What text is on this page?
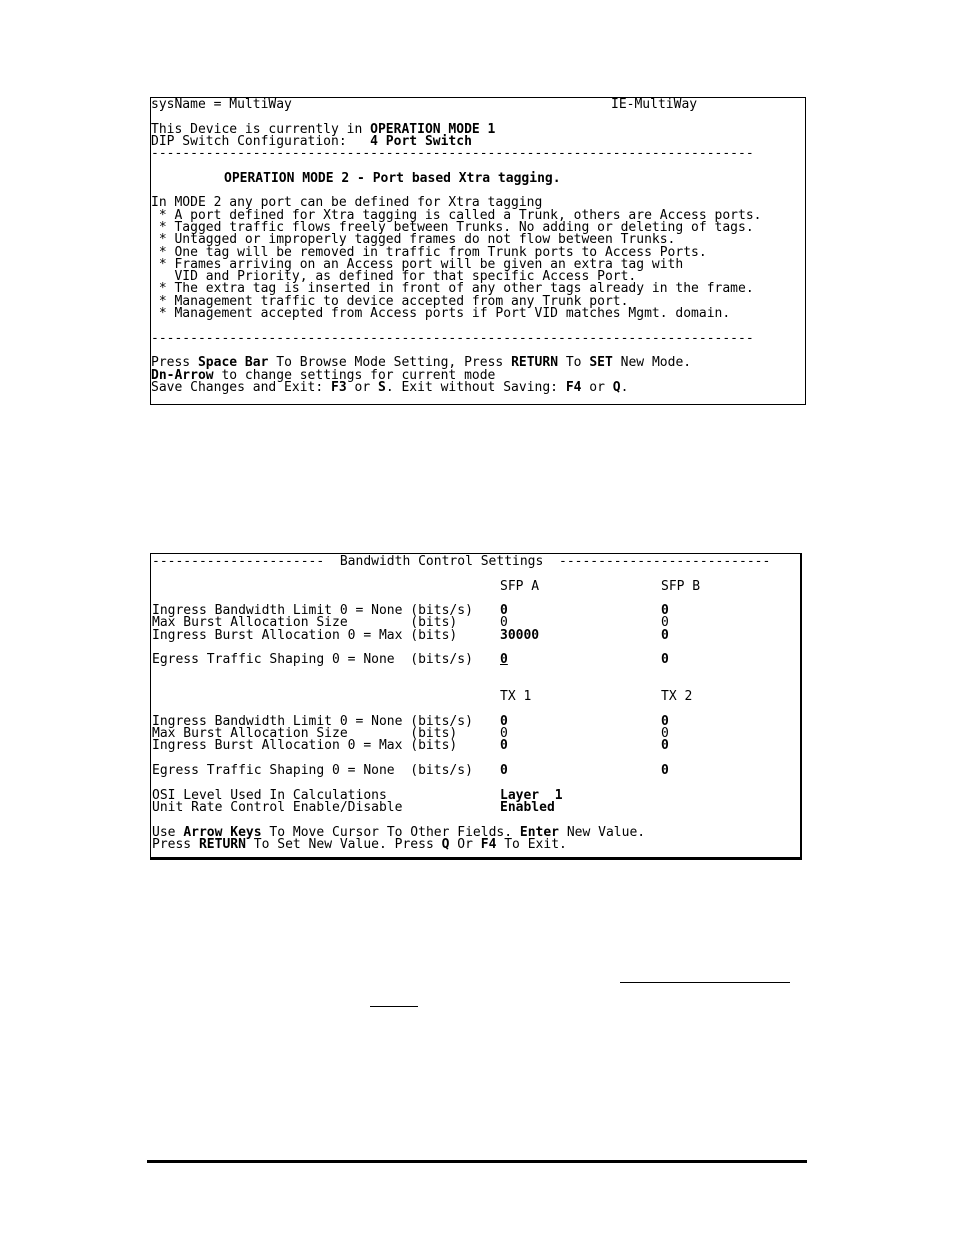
sysName = MultiWay	IE-MultiWay
This Device is currently in OPERATION MODE 1
DIP Switch Configuration:   4 Port Switch
-----------------------------------------------------------------------------
OPERATION MODE 2 - Port based Xtra tagging.
In MODE 2 any port can be defined for Xtra tagging
* A port defined for Xtra tagging is called a Trunk, others are Access ports.
* Tagged traffic flows freely between Trunks. No adding or deleting of tags.
* Untagged or improperly tagged frames do not flow between Trunks.
* One tag will be removed in traffic from Trunk ports to Access Ports.
* Frames arriving on an Access port will be given an extra tag with
VID and Priority, as defined for that specific Access Port.
* The extra tag is inserted in front of any other tags already in the frame.
* Management traffic to device accepted from any Trunk port.
* Management accepted from Access ports if Port VID matches Mgmt. domain.
-----------------------------------------------------------------------------
Press Space Bar To Browse Mode Setting, Press RETURN To SET New Mode.
Dn-Arrow to change settings for current mode
Save Changes and Exit: F3 or S. Exit without Saving: F4 or Q.
----------------------  Bandwidth Control Settings  ---------------------------
SFP A	SFP B
Ingress Bandwidth Limit 0 = None (bits/s) 0	0
Max Burst Allocation Size        (bits) 0	0
Ingress Burst Allocation 0 = Max (bits) 30000	0
Egress Traffic Shaping 0 = None  (bits/s) 0	0
TX 1	TX 2
Ingress Bandwidth Limit 0 = None (bits/s) 0	0
Max Burst Allocation Size        (bits) 0	0
Ingress Burst Allocation 0 = Max (bits) 0	0
Egress Traffic Shaping 0 = None  (bits/s) 0	0
OSI Level Used In Calculations Layer  1
Unit Rate Control Enable/Disable Enabled
Use Arrow Keys To Move Cursor To Other Fields. Enter New Value.
Press RETURN To Set New Value. Press Q Or F4 To Exit.
